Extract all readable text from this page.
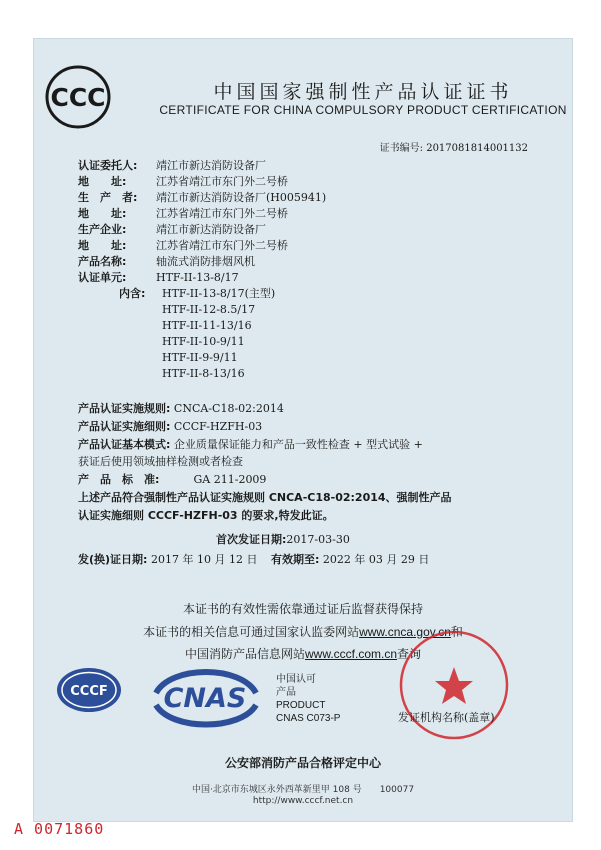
CCC	中国国家强制性产品认证证书
CERTIFICATE FOR CHINA COMPULSORY PRODUCT CERTIFICATION
证书编号: 2017081814001132
认证委托人: 靖江市新达消防设备厂
地　　址:	江苏省靖江市东门外二号桥
生　产　者: 靖江市新达消防设备厂(H005941)
地　　址:	江苏省靖江市东门外二号桥
生产企业:	靖江市新达消防设备厂
地　　址:	江苏省靖江市东门外二号桥
产品名称:	轴流式消防排烟风机
认证单元:	HTF-II-13-8/17
内含: HTF-II-13-8/17(主型)
HTF-II-12-8.5/17
HTF-II-11-13/16
HTF-II-10-9/11
HTF-II-9-9/11
HTF-II-8-13/16
产品认证实施规则: CNCA-C18-02:2014
产品认证实施细则: CCCF-HZFH-03
产品认证基本模式: 企业质量保证能力和产品一致性检查 + 型式试验 +
获证后使用领域抽样检测或者检查
产　品　标　准:	GA 211-2009
上述产品符合强制性产品认证实施规则 CNCA-C18-02:2014、强制性产品
认证实施细则 CCCF-HZFH-03 的要求,特发此证。
首次发证日期:2017-03-30
发(换)证日期: 2017 年 10 月 12 日 有效期至: 2022 年 03 月 29 日
本证书的有效性需依靠通过证后监督获得保持
本证书的相关信息可通过国家认监委网站www.cnca.gov.cn和
中国消防产品信息网站www.cccf.com.cn查询
CCCF CNAS
中国认可
产品
PRODUCT
CNAS C073-P	发证机构名称(盖章)
公安部消防产品合格评定中心
中国·北京市东城区永外西革新里甲 108 号　　100077
http://www.cccf.net.cn
A 0071860
